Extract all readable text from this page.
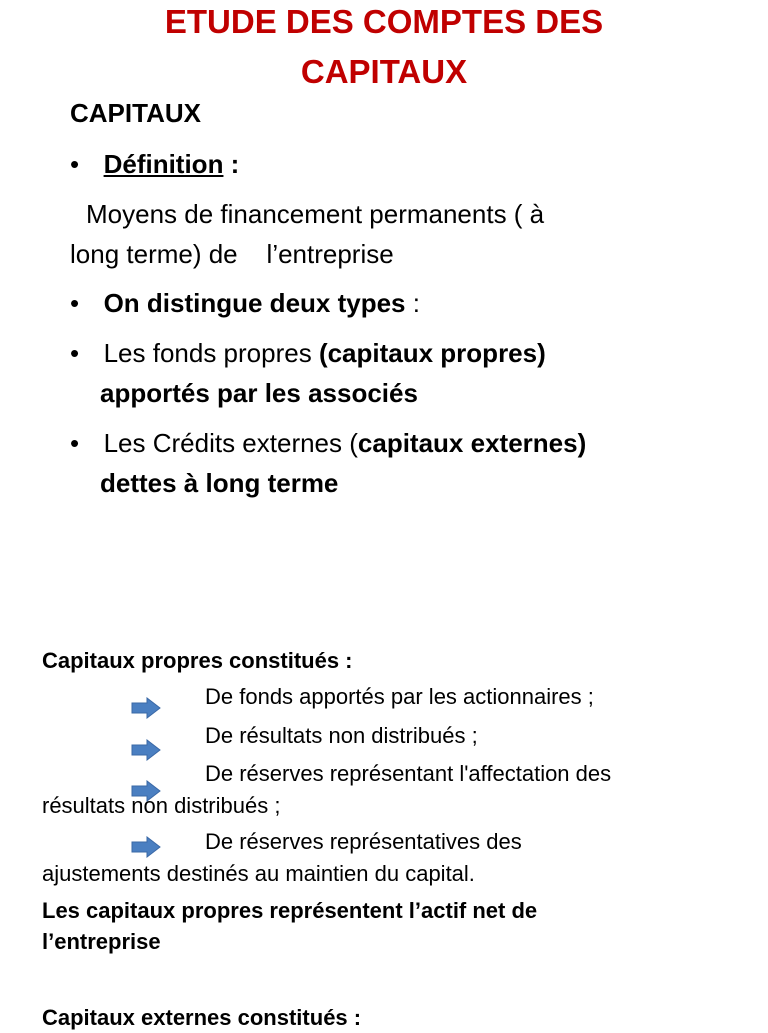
ETUDE DES COMPTES DES
CAPITAUX
CAPITAUX
• Définition :
Moyens de financement permanents ( à
long terme) de    l’entreprise
• On distingue deux types :
• Les fonds propres (capitaux propres)
apportés par les associés
• Les Crédits externes (capitaux externes)
dettes à long terme
Capitaux propres constitués :
De fonds apportés par les actionnaires ;
De résultats non distribués ;
De réserves représentant l'affectation des
résultats non distribués ;
De réserves représentatives des
ajustements destinés au maintien du capital.
Les capitaux propres représentent l’actif net de
l’entreprise
Capitaux externes constitués :
